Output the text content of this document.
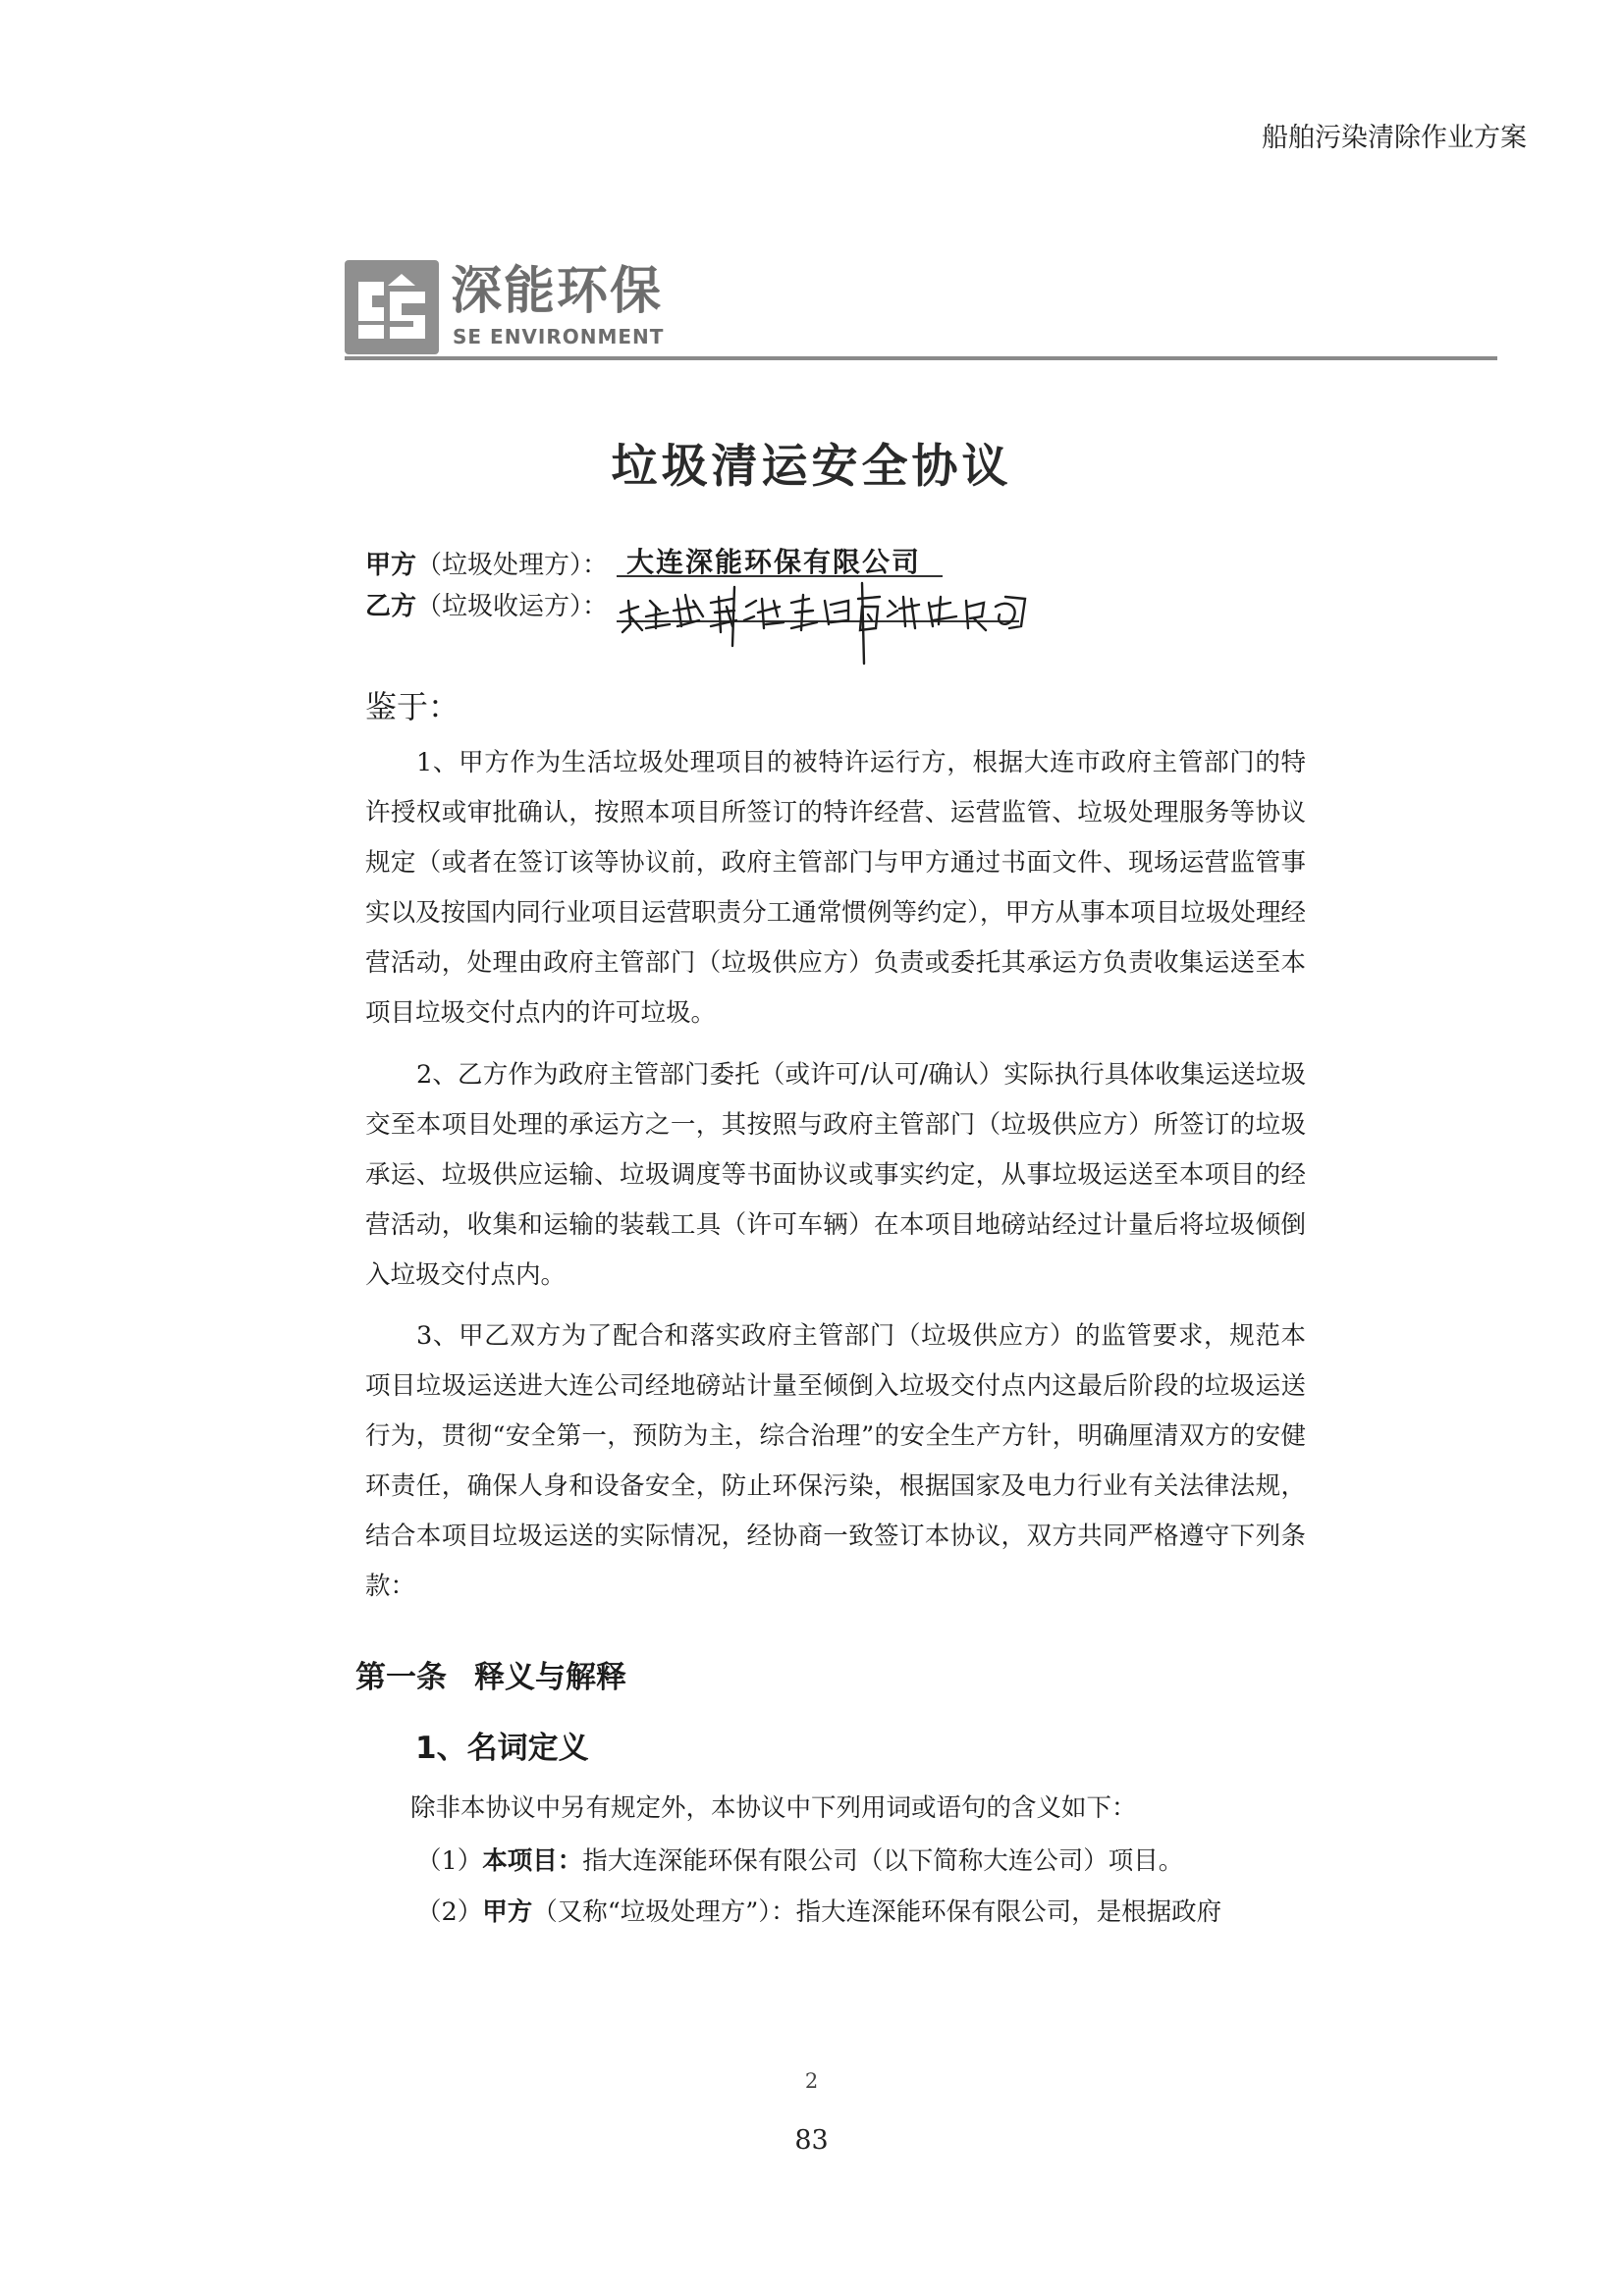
船舶污染清除作业方案
深能环保
SE ENVIRONMENT
垃圾清运安全协议
甲方（垃圾处理方）： 大连深能环保有限公司
乙方（垃圾收运方）：
鉴于：

1、甲方作为生活垃圾处理项目的被特许运行方，根据大连市政府主管部门的特许授权或审批确认，按照本项目所签订的特许经营、运营监管、垃圾处理服务等协议规定（或者在签订该等协议前，政府主管部门与甲方通过书面文件、现场运营监管事实以及按国内同行业项目运营职责分工通常惯例等约定），甲方从事本项目垃圾处理经营活动，处理由政府主管部门（垃圾供应方）负责或委托其承运方负责收集运送至本项目垃圾交付点内的许可垃圾。

2、乙方作为政府主管部门委托（或许可/认可/确认）实际执行具体收集运送垃圾交至本项目处理的承运方之一，其按照与政府主管部门（垃圾供应方）所签订的垃圾承运、垃圾供应运输、垃圾调度等书面协议或事实约定，从事垃圾运送至本项目的经营活动，收集和运输的装载工具（许可车辆）在本项目地磅站经过计量后将垃圾倾倒入垃圾交付点内。

3、甲乙双方为了配合和落实政府主管部门（垃圾供应方）的监管要求，规范本项目垃圾运送进大连公司经地磅站计量至倾倒入垃圾交付点内这最后阶段的垃圾运送行为，贯彻“安全第一，预防为主，综合治理”的安全生产方针，明确厘清双方的安健环责任，确保人身和设备安全，防止环保污染，根据国家及电力行业有关法律法规，结合本项目垃圾运送的实际情况，经协商一致签订本协议，双方共同严格遵守下列条款：

第一条 释义与解释
1、名词定义
除非本协议中另有规定外，本协议中下列用词或语句的含义如下：
（1）本项目：指大连深能环保有限公司（以下简称大连公司）项目。
（2）甲方（又称“垃圾处理方”）：指大连深能环保有限公司，是根据政府
2
83
